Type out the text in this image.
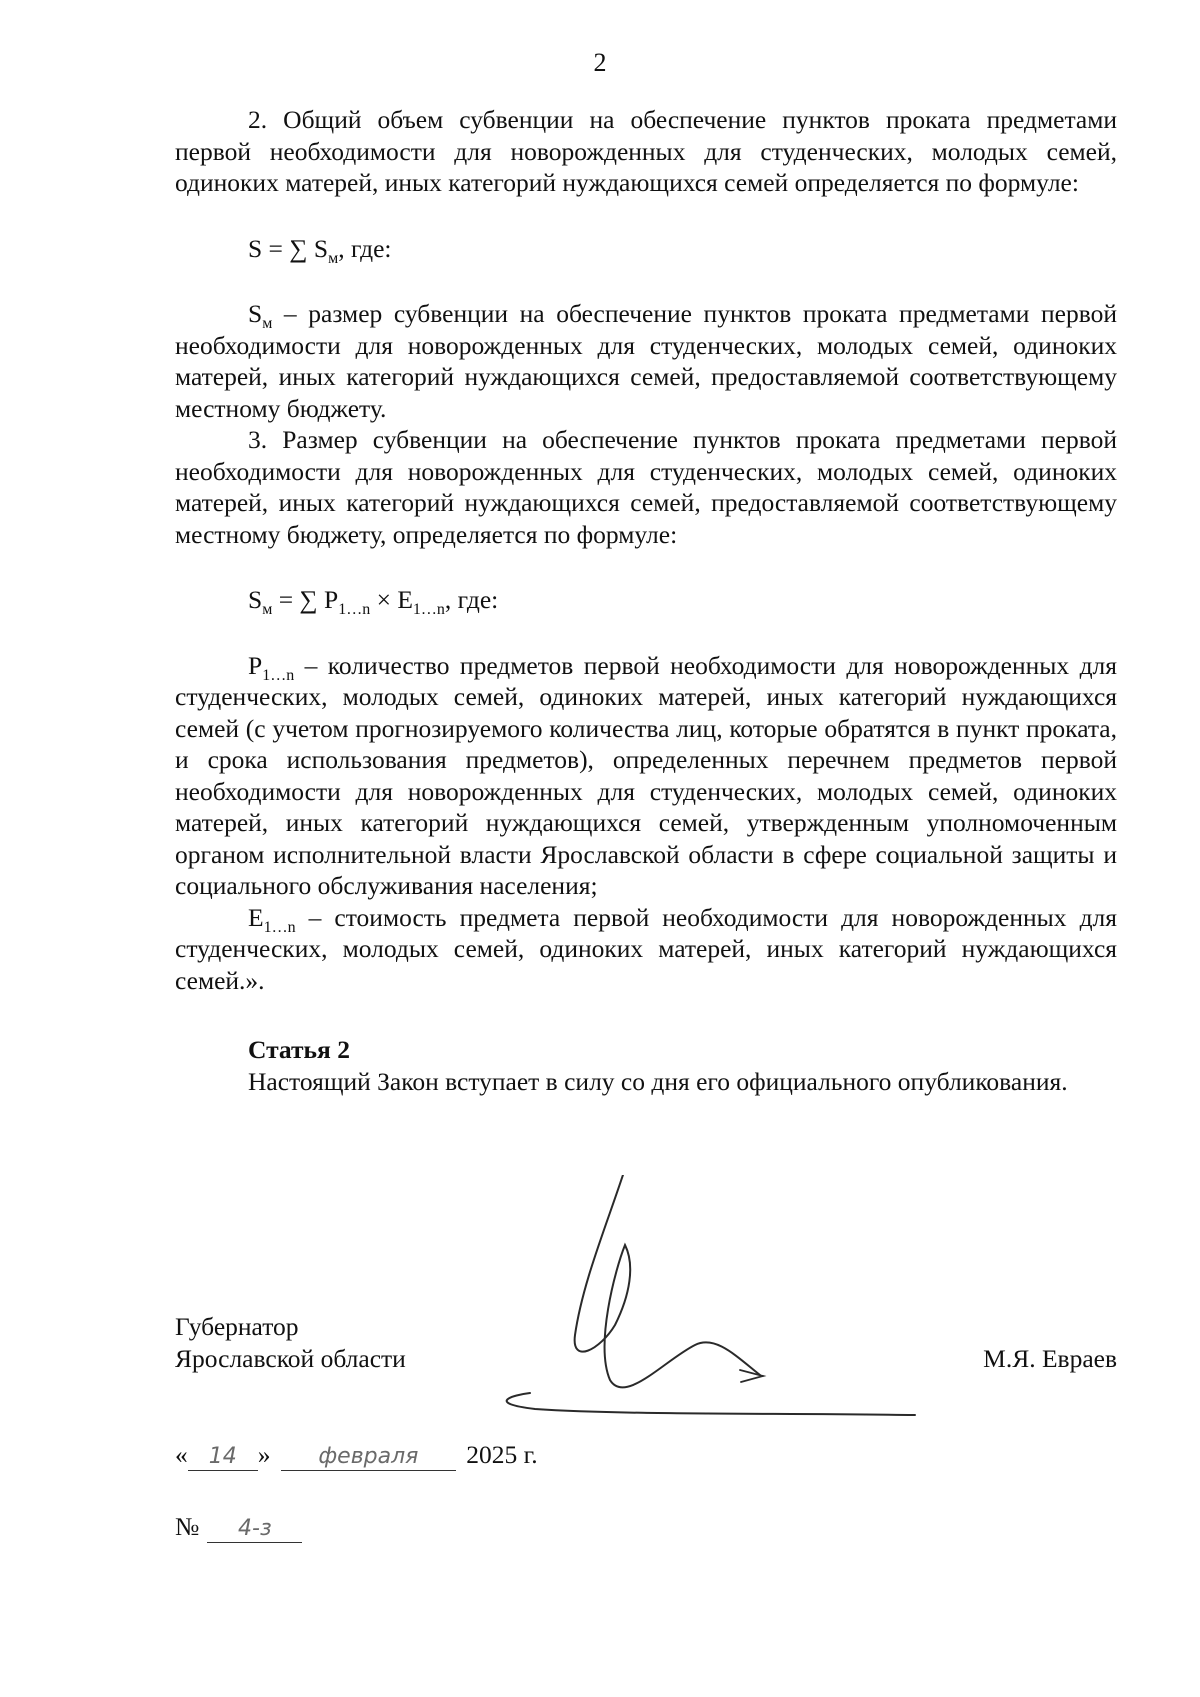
2

2. Общий объем субвенции на обеспечение пунктов проката предметами первой необходимости для новорожденных для студенческих, молодых семей, одиноких матерей, иных категорий нуждающихся семей определяется по формуле:

S = ∑ $S_м$, где:

$S_м$ – размер субвенции на обеспечение пунктов проката предметами первой необходимости для новорожденных для студенческих, молодых семей, одиноких матерей, иных категорий нуждающихся семей, предоставляемой соответствующему местному бюджету.

3. Размер субвенции на обеспечение пунктов проката предметами первой необходимости для новорожденных для студенческих, молодых семей, одиноких матерей, иных категорий нуждающихся семей, предоставляемой соответствующему местному бюджету, определяется по формуле:

$S_м$ = ∑ $P_{1\dots n} \times E_{1\dots n}$, где:

$P_{1\dots n}$ – количество предметов первой необходимости для новорожденных для студенческих, молодых семей, одиноких матерей, иных категорий нуждающихся семей (с учетом прогнозируемого количества лиц, которые обратятся в пункт проката, и срока использования предметов), определенных перечнем предметов первой необходимости для новорожденных для студенческих, молодых семей, одиноких матерей, иных категорий нуждающихся семей, утвержденным уполномоченным органом исполнительной власти Ярославской области в сфере социальной защиты и социального обслуживания населения;

$E_{1\dots n}$ – стоимость предмета первой необходимости для новорожденных для студенческих, молодых семей, одиноких матерей, иных категорий нуждающихся семей.».

Статья 2

Настоящий Закон вступает в силу со дня его официального опубликования.

Губернатор
Ярославской области	М.Я. Евраев
« 14 » февраля 2025 г.
№ 4-з
